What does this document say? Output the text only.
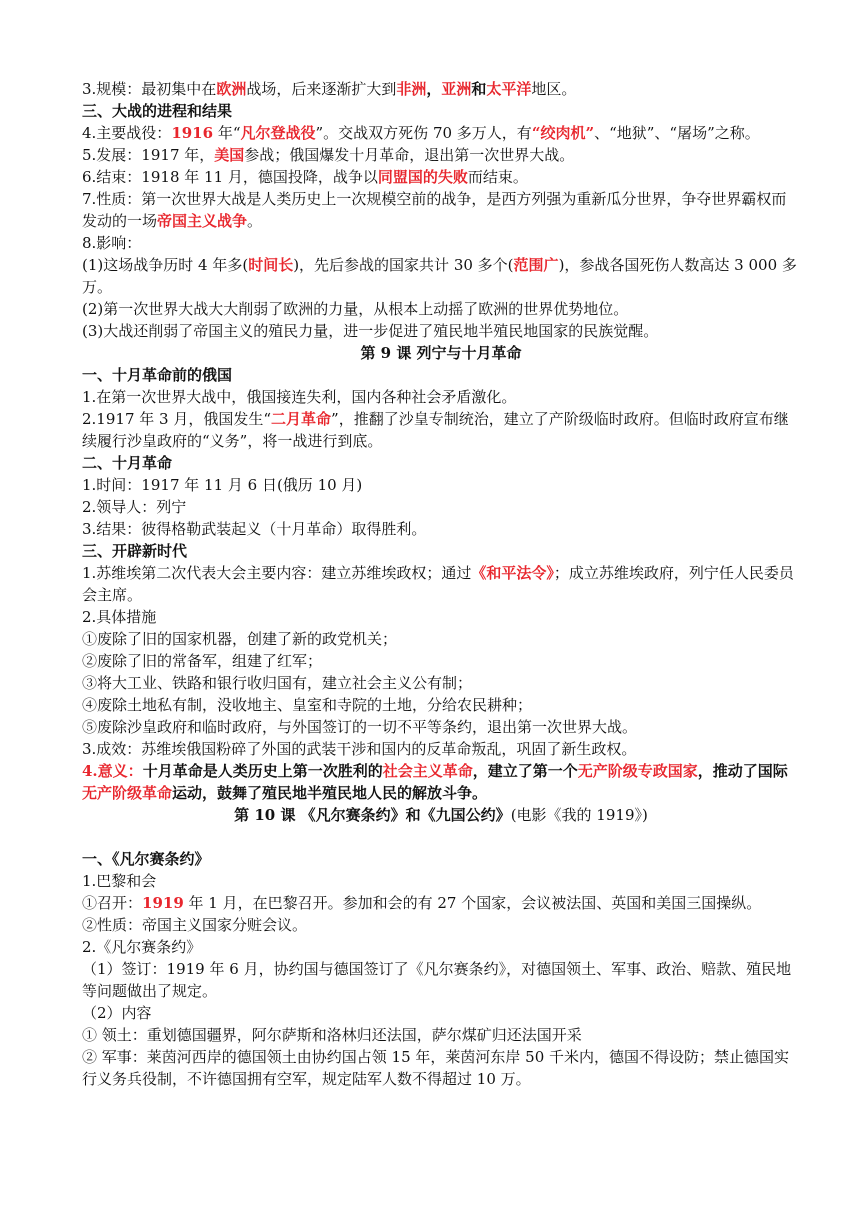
3.规模：最初集中在欧洲战场，后来逐渐扩大到非洲，亚洲和太平洋地区。
三、大战的进程和结果
4.主要战役：1916 年“凡尔登战役”。交战双方死伤 70 多万人，有“绞肉机”、“地狱”、“屠场”之称。
5.发展：1917 年，美国参战；俄国爆发十月革命，退出第一次世界大战。
6.结束：1918 年 11 月，德国投降，战争以同盟国的失败而结束。
7.性质：第一次世界大战是人类历史上一次规模空前的战争，是西方列强为重新瓜分世界，争夺世界霸权而发动的一场帝国主义战争。
8.影响：
(1)这场战争历时 4 年多(时间长)，先后参战的国家共计 30 多个(范围广)，参战各国死伤人数高达 3 000 多万。
(2)第一次世界大战大大削弱了欧洲的力量，从根本上动摇了欧洲的世界优势地位。
(3)大战还削弱了帝国主义的殖民力量，进一步促进了殖民地半殖民地国家的民族觉醒。
第 9 课 列宁与十月革命
一、十月革命前的俄国
1.在第一次世界大战中，俄国接连失利，国内各种社会矛盾激化。
2.1917 年 3 月，俄国发生“二月革命”，推翻了沙皇专制统治，建立了产阶级临时政府。但临时政府宣布继续履行沙皇政府的“义务”，将一战进行到底。
二、十月革命
1.时间：1917 年 11 月 6 日(俄历 10 月)
2.领导人：列宁
3.结果：彼得格勒武装起义（十月革命）取得胜利。
三、开辟新时代
1.苏维埃第二次代表大会主要内容：建立苏维埃政权；通过《和平法令》；成立苏维埃政府，列宁任人民委员会主席。
2.具体措施
①废除了旧的国家机器，创建了新的政党机关；
②废除了旧的常备军，组建了红军；
③将大工业、铁路和银行收归国有，建立社会主义公有制；
④废除土地私有制，没收地主、皇室和寺院的土地，分给农民耕种；
⑤废除沙皇政府和临时政府，与外国签订的一切不平等条约，退出第一次世界大战。
3.成效：苏维埃俄国粉碎了外国的武装干涉和国内的反革命叛乱，巩固了新生政权。
4.意义：十月革命是人类历史上第一次胜利的社会主义革命，建立了第一个无产阶级专政国家，推动了国际无产阶级革命运动，鼓舞了殖民地半殖民地人民的解放斗争。
第 10 课 《凡尔赛条约》和《九国公约》(电影《我的 1919》)
一、《凡尔赛条约》
1.巴黎和会
①召开：1919 年 1 月，在巴黎召开。参加和会的有 27 个国家，会议被法国、英国和美国三国操纵。
②性质：帝国主义国家分赃会议。
2.《凡尔赛条约》
（1）签订：1919 年 6 月，协约国与德国签订了《凡尔赛条约》，对德国领土、军事、政治、赔款、殖民地等问题做出了规定。
（2）内容
① 领土：重划德国疆界，阿尔萨斯和洛林归还法国，萨尔煤矿归还法国开采
② 军事：莱茵河西岸的德国领土由协约国占领 15 年，莱茵河东岸 50 千米内，德国不得设防；禁止德国实行义务兵役制，不许德国拥有空军，规定陆军人数不得超过 10 万。
